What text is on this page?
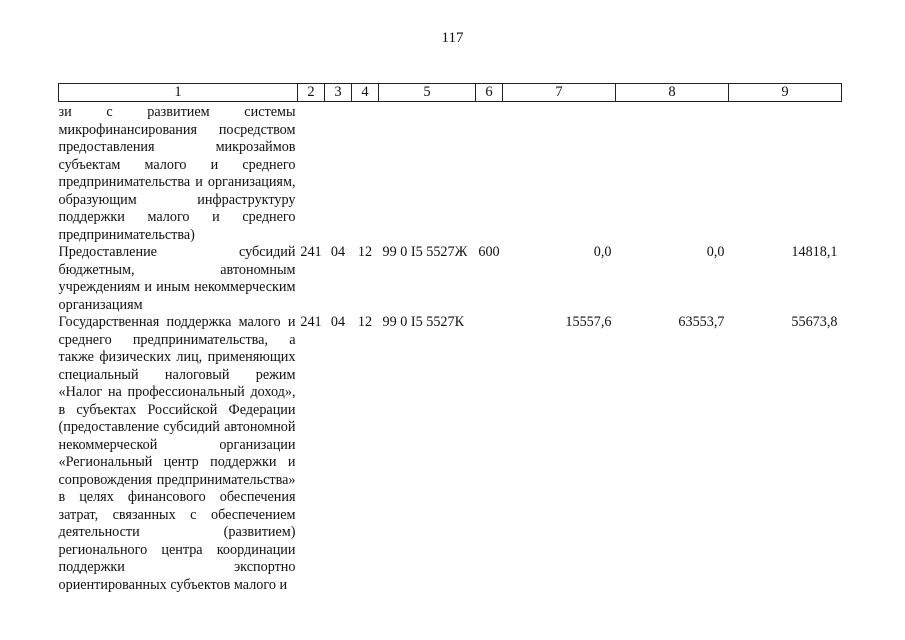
117
1	2	3	4	5	6	7	8	9
зи с развитием системы микрофинансирования посредством предоставления микрозаймов субъектам малого и среднего предпринимательства и организациям, образующим инфраструктуру поддержки малого и среднего предпринимательства)								
Предоставление субсидий бюджетным, автономным учреждениям и иным некоммерческим организациям	241	04	12	99 0 I5 5527Ж	600	0,0	0,0	14818,1
Государственная поддержка малого и среднего предпринимательства, а также физических лиц, применяющих специальный налоговый режим «Налог на профессиональный доход», в субъектах Российской Федерации (предоставление субсидий автономной некоммерческой организации «Региональный центр поддержки и сопровождения предпринимательства» в целях финансового обеспечения затрат, связанных с обеспечением деятельности (развитием) регионального центра координации поддержки экспортно ориентированных субъектов малого и	241	04	12	99 0 I5 5527К		15557,6	63553,7	55673,8
